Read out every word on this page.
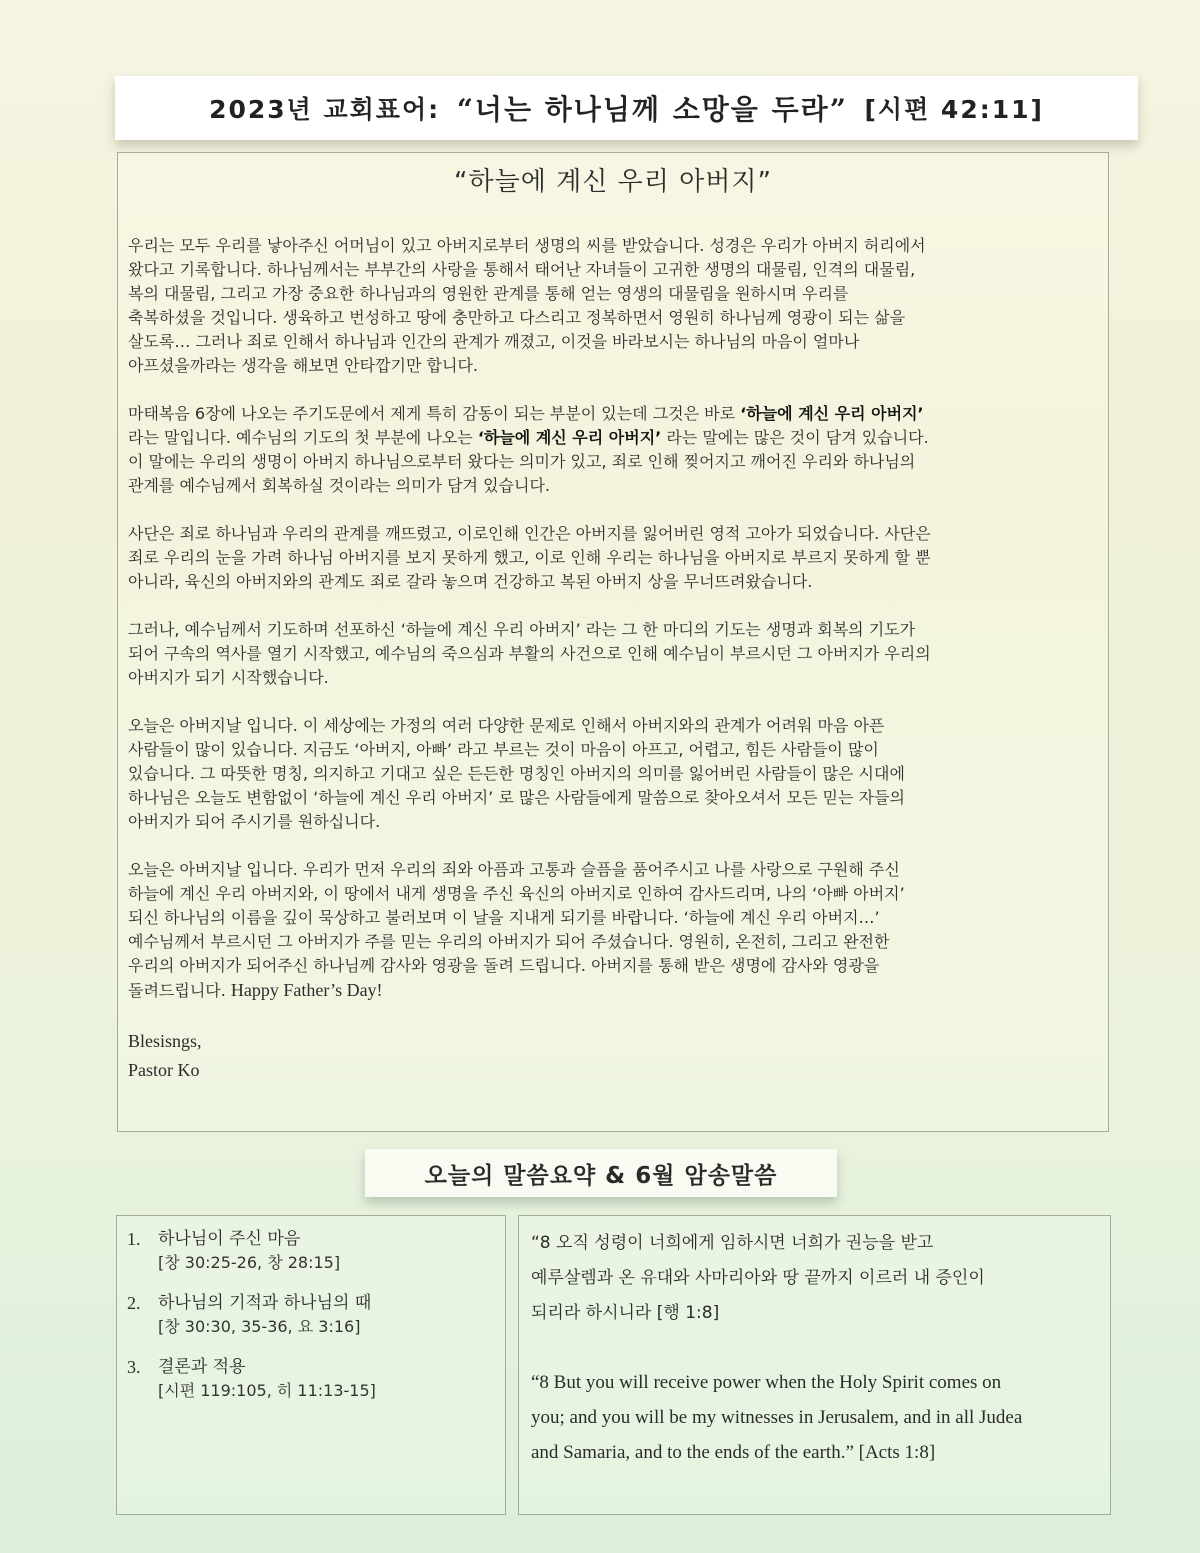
2023년 교회표어: “너는 하나님께 소망을 두라” [시편 42:11]
“하늘에 계신 우리 아버지”
우리는 모두 우리를 낳아주신 어머님이 있고 아버지로부터 생명의 씨를 받았습니다. 성경은 우리가 아버지 허리에서
왔다고 기록합니다. 하나님께서는 부부간의 사랑을 통해서 태어난 자녀들이 고귀한 생명의 대물림, 인격의 대물림,
복의 대물림, 그리고 가장 중요한 하나님과의 영원한 관계를 통해 얻는 영생의 대물림을 원하시며 우리를
축복하셨을 것입니다. 생육하고 번성하고 땅에 충만하고 다스리고 정복하면서 영원히 하나님께 영광이 되는 삶을
살도록… 그러나 죄로 인해서 하나님과 인간의 관계가 깨졌고, 이것을 바라보시는 하나님의 마음이 얼마나
아프셨을까라는 생각을 해보면 안타깝기만 합니다.
마태복음 6장에 나오는 주기도문에서 제게 특히 감동이 되는 부분이 있는데 그것은 바로 ‘하늘에 계신 우리 아버지’
라는 말입니다. 예수님의 기도의 첫 부분에 나오는 ‘하늘에 계신 우리 아버지’ 라는 말에는 많은 것이 담겨 있습니다.
이 말에는 우리의 생명이 아버지 하나님으로부터 왔다는 의미가 있고, 죄로 인해 찢어지고 깨어진 우리와 하나님의
관계를 예수님께서 회복하실 것이라는 의미가 담겨 있습니다.
사단은 죄로 하나님과 우리의 관계를 깨뜨렸고, 이로인해 인간은 아버지를 잃어버린 영적 고아가 되었습니다. 사단은
죄로 우리의 눈을 가려 하나님 아버지를 보지 못하게 했고, 이로 인해 우리는 하나님을 아버지로 부르지 못하게 할 뿐
아니라, 육신의 아버지와의 관계도 죄로 갈라 놓으며 건강하고 복된 아버지 상을 무너뜨려왔습니다.
그러나, 예수님께서 기도하며 선포하신 ‘하늘에 계신 우리 아버지’ 라는 그 한 마디의 기도는 생명과 회복의 기도가
되어 구속의 역사를 열기 시작했고, 예수님의 죽으심과 부활의 사건으로 인해 예수님이 부르시던 그 아버지가 우리의
아버지가 되기 시작했습니다.
오늘은 아버지날 입니다. 이 세상에는 가정의 여러 다양한 문제로 인해서 아버지와의 관계가 어려워 마음 아픈
사람들이 많이 있습니다. 지금도 ‘아버지, 아빠’ 라고 부르는 것이 마음이 아프고, 어렵고, 힘든 사람들이 많이
있습니다. 그 따뜻한 명칭, 의지하고 기대고 싶은 든든한 명칭인 아버지의 의미를 잃어버린 사람들이 많은 시대에
하나님은 오늘도 변함없이 ‘하늘에 계신 우리 아버지’ 로 많은 사람들에게 말씀으로 찾아오셔서 모든 믿는 자들의
아버지가 되어 주시기를 원하십니다.
오늘은 아버지날 입니다. 우리가 먼저 우리의 죄와 아픔과 고통과 슬픔을 품어주시고 나를 사랑으로 구원해 주신
하늘에 계신 우리 아버지와, 이 땅에서 내게 생명을 주신 육신의 아버지로 인하여 감사드리며, 나의 ‘아빠 아버지’
되신 하나님의 이름을 깊이 묵상하고 불러보며 이 날을 지내게 되기를 바랍니다. ‘하늘에 계신 우리 아버지…’
예수님께서 부르시던 그 아버지가 주를 믿는 우리의 아버지가 되어 주셨습니다. 영원히, 온전히, 그리고 완전한
우리의 아버지가 되어주신 하나님께 감사와 영광을 돌려 드립니다. 아버지를 통해 받은 생명에 감사와 영광을
돌려드립니다. Happy Father’s Day!
Blesisngs,
Pastor Ko
오늘의 말씀요약 & 6월 암송말씀
1.	하나님이 주신 마음
[창 30:25-26, 창 28:15]
2.	하나님의 기적과 하나님의 때
[창 30:30, 35-36, 요 3:16]
3.	결론과 적용
[시편 119:105, 히 11:13-15]
“8 오직 성령이 너희에게 임하시면 너희가 권능을 받고
예루살렘과 온 유대와 사마리아와 땅 끝까지 이르러 내 증인이
되리라 하시니라 [행 1:8]
“8 But you will receive power when the Holy Spirit comes on
you; and you will be my witnesses in Jerusalem, and in all Judea
and Samaria, and to the ends of the earth.” [Acts 1:8]
